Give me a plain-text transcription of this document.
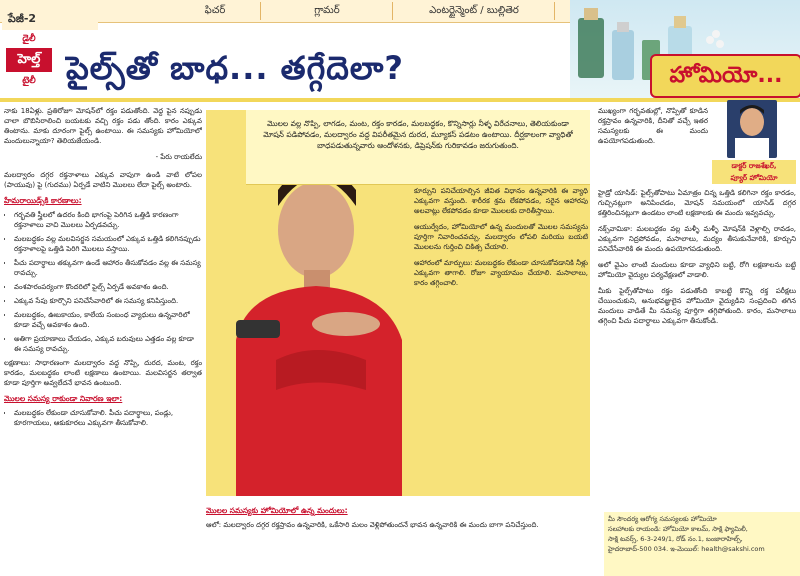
ఫిచర్	గ్లామర్	ఎంటర్టైన్మెంట్ / బుల్లితెర
పేజీ-2
డైలీ
హెల్త్
టైలీ పైల్స్‌తో బాధ... తగ్గేదెలా?	హోమియో...

నాకు 18ఏళ్లు. ప్రతిరోజూ మోషన్‌లో రక్తం పడుతోంది. వెద్ద పైన నప్పుడు చాలా బొబిసిరాలించి బయటకు వచ్చి రక్తం పడు తోంది. కారం ఎక్కువ తింటాను. మాకు దూరంగా పైల్స్ ఉంటాయి. ఈ సమస్యకు హోమియోలో మందులున్నాయా? తెలియజేయండి.

- పేరు రాయలేదు

మలద్వారం దగ్గర రక్తనాళాలు ఎక్కువ వాపుగా ఉండి వాటి లోపల (పాయువు) పై (గుదము) ఏర్పడే వాటిని మొలలు లేదా పైల్స్ అంటారు.

హేమరాయిడ్స్‌కి కారణాలు:
• గర్భవతి స్త్రీలలో ఉదరం కింది భాగంపై పెరిగిన ఒత్తిడి కారణంగా రక్తనాళాలు వాచి మొలలు ఏర్పడవచ్చు.
• మలబద్ధకం వల్ల మలవిసర్జన సమయంలో ఎక్కువ ఒత్తిడి కలిగినప్పుడు రక్తనాళాలపై ఒత్తిడి పెరిగి మొలలు వస్తాయి.
• పీచు పదార్థాలు తక్కువగా ఉండే ఆహారం తీసుకోవడం వల్ల ఈ సమస్య రావచ్చు.
• వంశపారంపర్యంగా కొందరిలో పైల్స్ ఏర్పడే అవకాశం ఉంది.
• ఎక్కువ సేపు కూర్చొని పనిచేసేవారిలో ఈ సమస్య కనిపిస్తుంది.
• మలబద్ధకం, ఊబకాయం, కాలేయ సంబంధ వ్యాధులు ఉన్నవారిలో కూడా వచ్చే అవకాశం ఉంది.
• అతిగా ప్రయాణాలు చేయడం, ఎక్కువ బరువులు ఎత్తడం వల్ల కూడా ఈ సమస్య రావచ్చు.

లక్షణాలు: సాధారణంగా మలద్వారం వద్ద నొప్పి, దురద, మంట, రక్తం కారడం, మలబద్ధకం లాంటి లక్షణాలు ఉంటాయి. మలవిసర్జన తర్వాత కూడా పూర్తిగా అవ్వలేదనే భావన ఉంటుంది.

మొలల సమస్య రాకుండా నివారణ ఇలా:
• మలబద్ధకం లేకుండా చూసుకోవాలి. పీచు పదార్థాలు, పండ్లు, కూరగాయలు, ఆకుకూరలు ఎక్కువగా తీసుకోవాలి.

మొలల వల్ల నొప్పి, లాగడం, మంట, రక్తం కారడం, మలబద్ధకం, కొన్నిసార్లు నీళ్ళ విరేచనాలు, తెలియకుండా మోషన్ పడిపోవడం, మలద్వారం వద్ద విపరీతమైన దురద, మ్యూకస్ పడటం ఉంటాయి. దీర్ఘకాలంగా వ్యాధితో బాధపడుతున్నవారు ఆందోళనకు, డిప్రెషన్‌కు గురికావడం జరుగుతుంది.

కూర్చుని పనిచేయాల్సిన జీవిత విధానం ఉన్నవారికి ఈ వ్యాధి ఎక్కువగా వస్తుంది. శారీరక శ్రమ లేకపోవడం, సరైన ఆహారపు అలవాట్లు లేకపోవడం కూడా మొలలకు దారితీస్తాయి.

ఆయుర్వేదం, హోమియోలో ఉన్న మందులతో మొలల సమస్యను పూర్తిగా నివారించవచ్చు. మలద్వారం లోపలి మరియు బయటి మొలలను గుర్తించి చికిత్స చేయాలి.

ఆహారంలో మార్పులు: మలబద్ధకం లేకుండా చూసుకోవడానికి నీళ్లు ఎక్కువగా తాగాలి. రోజూ వ్యాయామం చేయాలి. మసాలాలు, కారం తగ్గించాలి.

మొలల సమస్యకు హోమియోలో ఉన్న మందులు:

ఆలో: మలద్వారం దగ్గర రక్తస్రావం ఉన్నవారికి, ఒకేసారి మలం వెళ్లిపోతుందనే భావన ఉన్నవారికి ఈ మందు బాగా పనిచేస్తుంది.

డాక్టర్ రాజ‌శేఖర్,
ప్యూర్ హోమియో

ముఖ్యంగా గర్భవతుల్లో, నొప్పితో కూడిన రక్తస్రావం ఉన్నవారికి, దీనితో వచ్చే ఇతర సమస్యలకు ఈ మందు ఉపయోగపడుతుంది.

హైడ్రో యాసిడ్: పైల్స్‌తోపాటు ఏమాత్రం చిన్న ఒత్తిడి కలిగినా రక్తం కారడం, గుచ్చినట్లుగా అనిపించడం, మోషన్ సమయంలో యాసిడ్ దగ్గర కత్తిరించినట్లుగా ఉండటం లాంటి లక్షణాలకు ఈ మందు ఇవ్వవచ్చు.

నక్స్‌వామికా: మలబద్ధకం వల్ల మళ్ళీ మళ్ళీ మోషన్‌కి వెళ్లాల్సి రావడం, ఎక్కువగా నిద్రపోవడం, మసాలాలు, మద్యం తీసుకునేవారికి, కూర్చుని పనిచేసేవారికి ఈ మందు ఉపయోగపడుతుంది.

అలో వైఎం లాంటి మందులు కూడా వ్యాధిని బట్టి, రోగి లక్షణాలను బట్టి హోమియో వైద్యుల పర్యవేక్షణలో వాడాలి.

మీకు పైల్స్‌తోపాటు రక్తం పడుతోంది కాబట్టి కొన్ని రక్త పరీక్షలు చేయించుకుని, అనుభవజ్ఞులైన హోమియో వైద్యుడిని సంప్రదించి తగిన మందులు వాడితే మీ సమస్య పూర్తిగా తగ్గిపోతుంది. కారం, మసాలాలు తగ్గించి పీచు పదార్థాలు ఎక్కువగా తీసుకోండి.

మీ సౌందర్య ఆరోగ్య సమస్యలకు హోమియో
సలహాలకు రాయండి: హోమియో కాలమ్, సాక్షి ఫ్యామిలీ,
సాక్షి టవర్స్, 6-3-249/1, రోడ్ నం.1, బంజారాహిల్స్,
హైదరాబాద్-500 034. ఇ-మెయిల్: health@sakshi.com
